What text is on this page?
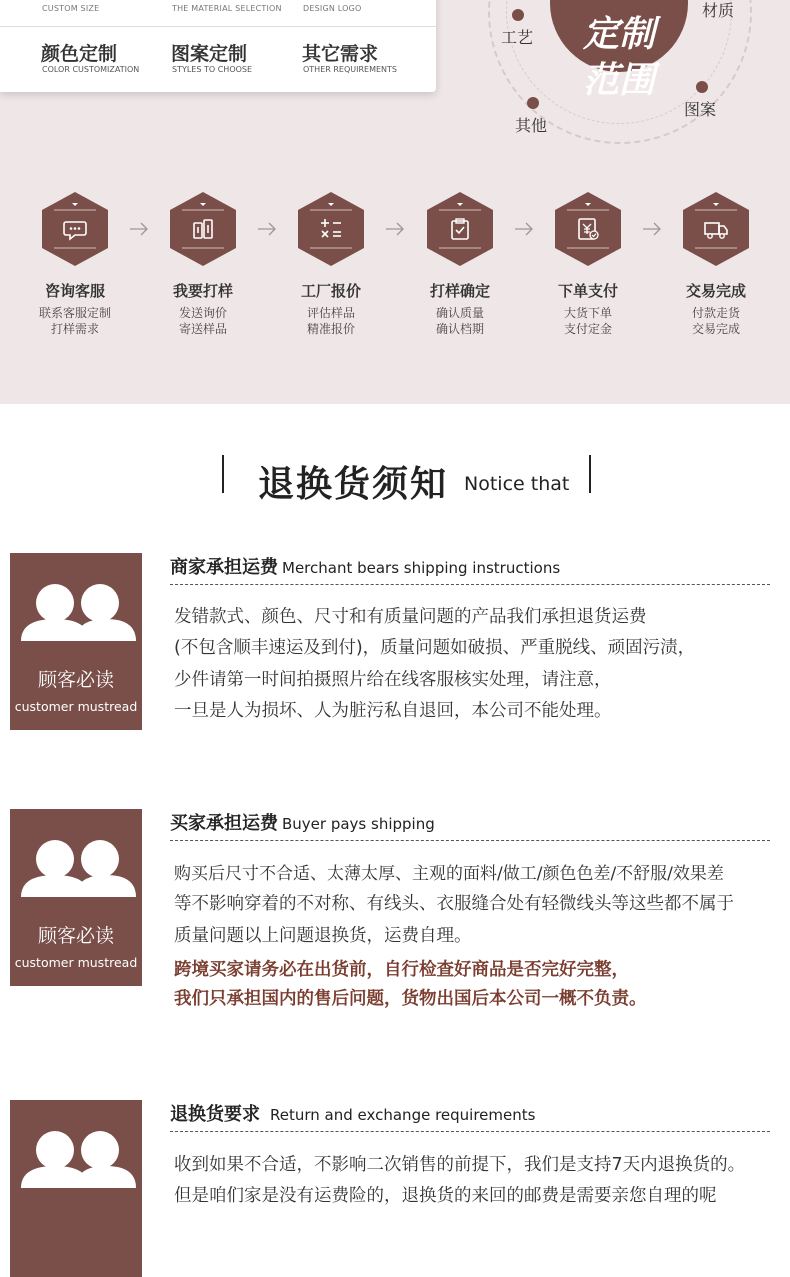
CUSTOM SIZE	THE MATERIAL SELECTION	DESIGN LOGO
颜色定制	图案定制	其它需求
COLOR CUSTOMIZATION	STYLES TO CHOOSE	OTHER REQUIREMENTS
定制
范围
工艺
材质
图案
其他
咨询客服
联系客服定制
打样需求
我要打样
发送询价
寄送样品
工厂报价
评估样品
精准报价
打样确定
确认质量
确认档期
下单支付
大货下单
支付定金
交易完成
付款走货
交易完成
退换货须知 Notice that
顾客必读
customer mustread
商家承担运费 Merchant bears shipping instructions
发错款式、颜色、尺寸和有质量问题的产品我们承担退货运费
(不包含顺丰速运及到付)，质量问题如破损、严重脱线、顽固污渍，
少件请第一时间拍摄照片给在线客服核实处理，请注意，
一旦是人为损坏、人为脏污私自退回，本公司不能处理。
顾客必读
customer mustread
买家承担运费 Buyer pays shipping
购买后尺寸不合适、太薄太厚、主观的面料/做工/颜色色差/不舒服/效果差
等不影响穿着的不对称、有线头、衣服缝合处有轻微线头等这些都不属于
质量问题以上问题退换货，运费自理。
跨境买家请务必在出货前，自行检查好商品是否完好完整，
我们只承担国内的售后问题，货物出国后本公司一概不负责。
退换货要求 Return and exchange requirements
收到如果不合适，不影响二次销售的前提下，我们是支持7天内退换货的。
但是咱们家是没有运费险的，退换货的来回的邮费是需要亲您自理的呢
